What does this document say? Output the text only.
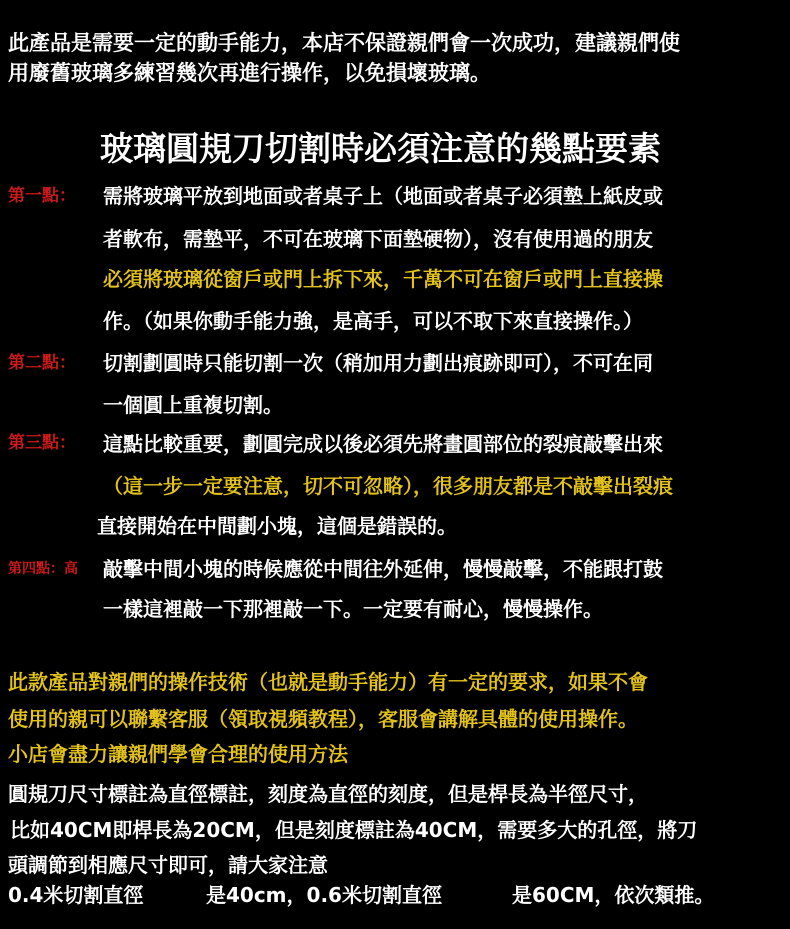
此產品是需要一定的動手能力，本店不保證親們會一次成功，建議親們使
用廢舊玻璃多練習幾次再進行操作，以免損壞玻璃。
玻璃圓規刀切割時必須注意的幾點要素
第一點： 需將玻璃平放到地面或者桌子上（地面或者桌子必須墊上紙皮或
者軟布，需墊平，不可在玻璃下面墊硬物），沒有使用過的朋友
必須將玻璃從窗戶或門上拆下來，千萬不可在窗戶或門上直接操
作。（如果你動手能力強，是高手，可以不取下來直接操作。）
第二點： 切割劃圓時只能切割一次（稍加用力劃出痕跡即可），不可在同
一個圓上重複切割。
第三點： 這點比較重要，劃圓完成以後必須先將畫圓部位的裂痕敲擊出來
（這一步一定要注意，切不可忽略），很多朋友都是不敲擊出裂痕
直接開始在中間劃小塊，這個是錯誤的。
第四點：高 敲擊中間小塊的時候應從中間往外延伸，慢慢敲擊，不能跟打鼓
一樣這裡敲一下那裡敲一下。一定要有耐心，慢慢操作。
此款產品對親們的操作技術（也就是動手能力）有一定的要求，如果不會
使用的親可以聯繫客服（領取視頻教程），客服會講解具體的使用操作。
小店會盡力讓親們學會合理的使用方法
圓規刀尺寸標註為直徑標註，刻度為直徑的刻度，但是桿長為半徑尺寸，
比如40CM即桿長為20CM，但是刻度標註為40CM，需要多大的孔徑，將刀
頭調節到相應尺寸即可，請大家注意
0.4米切割直徑	是40cm，0.6米切割直徑	是60CM，依次類推。
